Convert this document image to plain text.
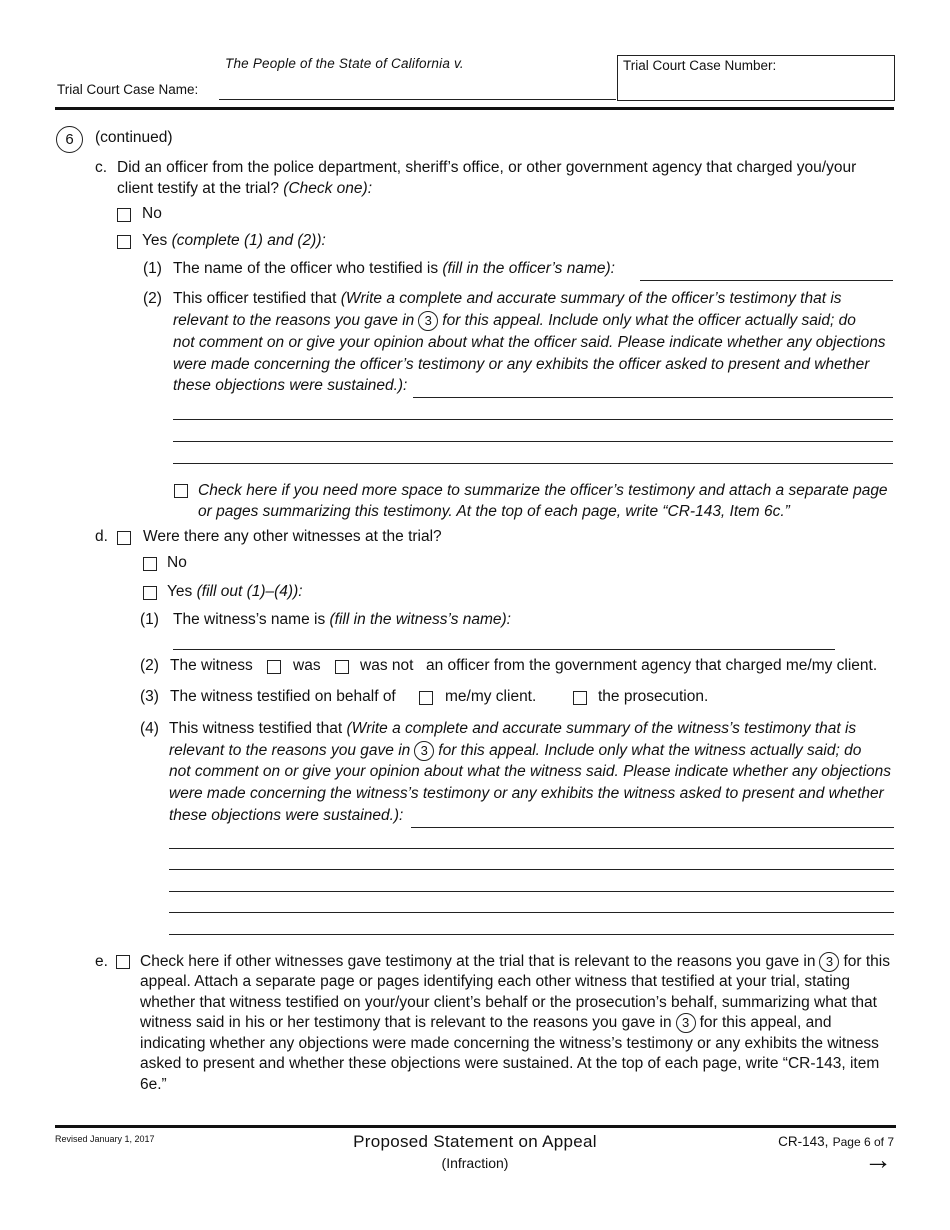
The People of the State of California v.
Trial Court Case Name:
Trial Court Case Number:
6	(continued)
c. Did an officer from the police department, sheriff’s office, or other government agency that charged you/your
client testify at the trial? (Check one):
No
Yes (complete (1) and (2)):
(1) The name of the officer who testified is (fill in the officer’s name):
(2) This officer testified that (Write a complete and accurate summary of the officer’s testimony that is
relevant to the reasons you gave in 3 for this appeal. Include only what the officer actually said; do
not comment on or give your opinion about what the officer said. Please indicate whether any objections
were made concerning the officer’s testimony or any exhibits the officer asked to present and whether
these objections were sustained.):
Check here if you need more space to summarize the officer’s testimony and attach a separate page
or pages summarizing this testimony. At the top of each page, write “CR-143, Item 6c.”
d. Were there any other witnesses at the trial?
No
Yes (fill out (1)–(4)):
(1) The witness’s name is (fill in the witness’s name):
(2) The witness	was	was not an officer from the government agency that charged me/my client.
(3) The witness testified on behalf of	me/my client.	the prosecution.
(4) This witness testified that (Write a complete and accurate summary of the witness’s testimony that is
relevant to the reasons you gave in 3 for this appeal. Include only what the witness actually said; do
not comment on or give your opinion about what the witness said. Please indicate whether any objections
were made concerning the witness’s testimony or any exhibits the witness asked to present and whether
these objections were sustained.):
e. Check here if other witnesses gave testimony at the trial that is relevant to the reasons you gave in 3 for this
appeal. Attach a separate page or pages identifying each other witness that testified at your trial, stating
whether that witness testified on your/your client’s behalf or the prosecution’s behalf, summarizing what that
witness said in his or her testimony that is relevant to the reasons you gave in 3 for this appeal, and
indicating whether any objections were made concerning the witness’s testimony or any exhibits the witness
asked to present and whether these objections were sustained. At the top of each page, write “CR-143, item
6e.”
Revised January 1, 2017	Proposed Statement on Appeal
(Infraction)
CR-143, Page 6 of 7
→
